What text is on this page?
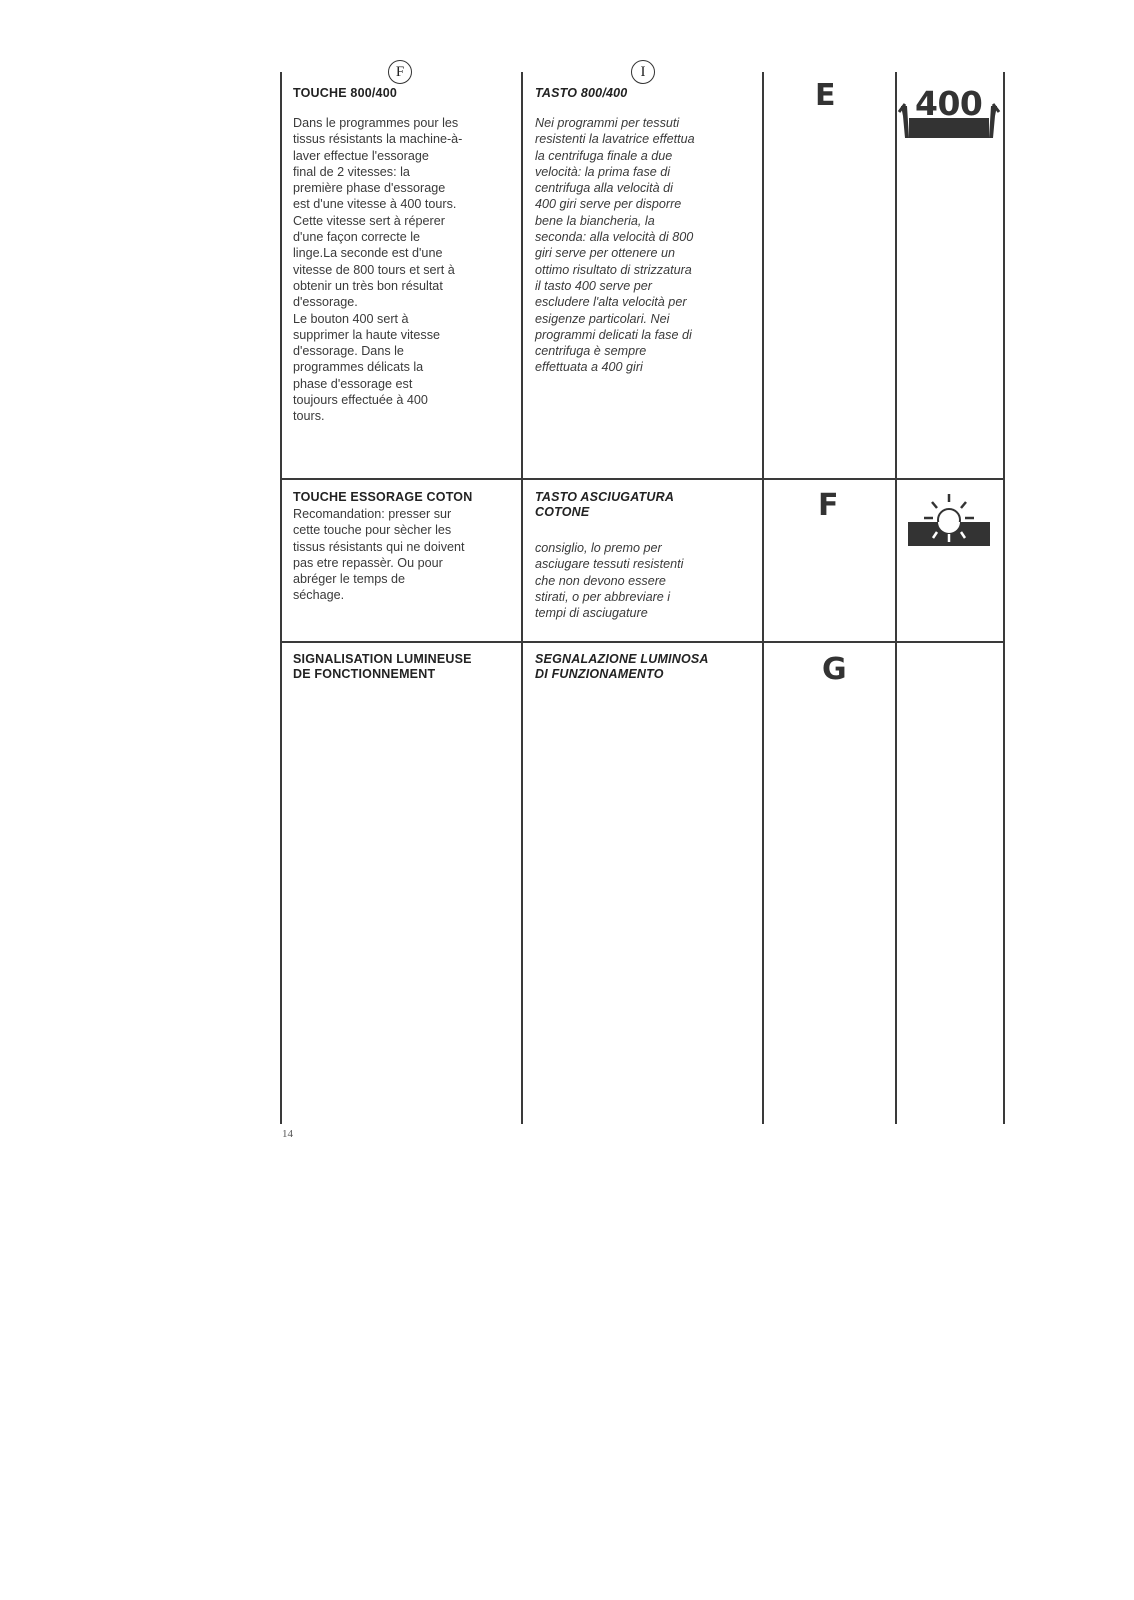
F	I
TOUCHE 800/400
Dans le programmes pour les
tissus résistants la machine-à-
laver effectue l'essorage
final de 2 vitesses: la
première phase d'essorage
est d'une vitesse à 400 tours.
Cette vitesse sert à réperer
d'une façon correcte le
linge.La seconde est d'une
vitesse de 800 tours et sert à
obtenir un très bon résultat
d'essorage.
Le bouton 400 sert à
supprimer la haute vitesse
d'essorage. Dans le
programmes délicats la
phase d'essorage est
toujours effectuée à 400
tours.
TASTO 800/400
Nei programmi per tessuti
resistenti la lavatrice effettua
la centrifuga finale a due
velocità: la prima fase di
centrifuga alla velocità di
400 giri serve per disporre
bene la biancheria, la
seconda: alla velocità di 800
giri serve per ottenere un
ottimo risultato di strizzatura
il tasto 400 serve per
escludere l'alta velocità per
esigenze particolari. Nei
programmi delicati la fase di
centrifuga è sempre
effettuata a 400 giri
E 400
TOUCHE ESSORAGE COTON
Recomandation: presser sur
cette touche pour sècher les
tissus résistants qui ne doivent
pas etre repassèr. Ou pour
abréger le temps de
séchage.
TASTO ASCIUGATURA
COTONE
consiglio, lo premo per
asciugare tessuti resistenti
che non devono essere
stirati, o per abbreviare i
tempi di asciugature
F
SIGNALISATION LUMINEUSE
DE FONCTIONNEMENT
SEGNALAZIONE LUMINOSA
DI FUNZIONAMENTO	G
14
